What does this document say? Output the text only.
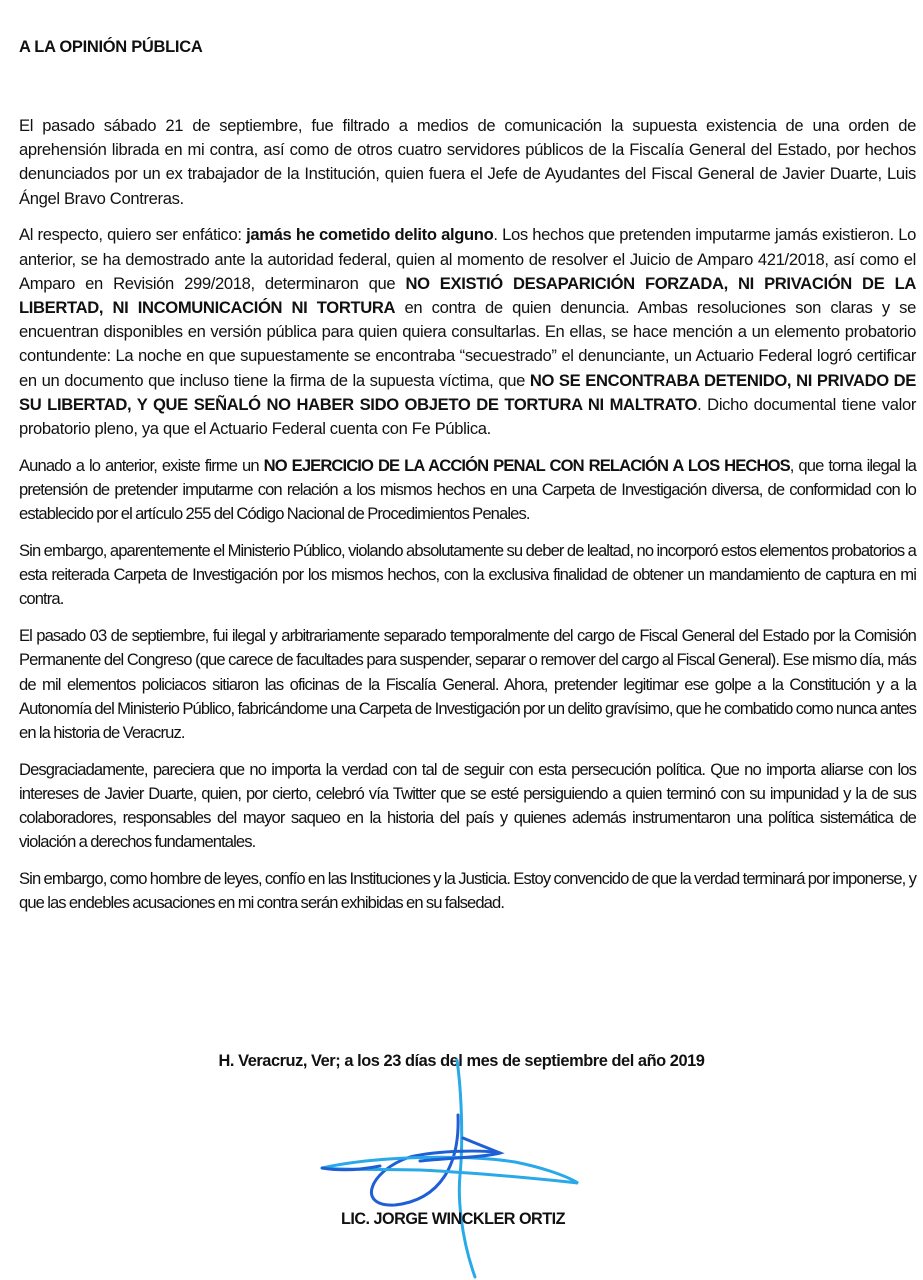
A LA OPINIÓN PÚBLICA

El pasado sábado 21 de septiembre, fue filtrado a medios de comunicación la supuesta existencia de una orden de aprehensión librada en mi contra, así como de otros cuatro servidores públicos de la Fiscalía General del Estado, por hechos denunciados por un ex trabajador de la Institución, quien fuera el Jefe de Ayudantes del Fiscal General de Javier Duarte, Luis Ángel Bravo Contreras.

Al respecto, quiero ser enfático: jamás he cometido delito alguno. Los hechos que pretenden imputarme jamás existieron. Lo anterior, se ha demostrado ante la autoridad federal, quien al momento de resolver el Juicio de Amparo 421/2018, así como el Amparo en Revisión 299/2018, determinaron que NO EXISTIÓ DESAPARICIÓN FORZADA, NI PRIVACIÓN DE LA LIBERTAD, NI INCOMUNICACIÓN NI TORTURA en contra de quien denuncia. Ambas resoluciones son claras y se encuentran disponibles en versión pública para quien quiera consultarlas. En ellas, se hace mención a un elemento probatorio contundente: La noche en que supuestamente se encontraba “secuestrado” el denunciante, un Actuario Federal logró certificar en un documento que incluso tiene la firma de la supuesta víctima, que NO SE ENCONTRABA DETENIDO, NI PRIVADO DE SU LIBERTAD, Y QUE SEÑALÓ NO HABER SIDO OBJETO DE TORTURA NI MALTRATO. Dicho documental tiene valor probatorio pleno, ya que el Actuario Federal cuenta con Fe Pública.

Aunado a lo anterior, existe firme un NO EJERCICIO DE LA ACCIÓN PENAL CON RELACIÓN A LOS HECHOS, que torna ilegal la pretensión de pretender imputarme con relación a los mismos hechos en una Carpeta de Investigación diversa, de conformidad con lo establecido por el artículo 255 del Código Nacional de Procedimientos Penales.

Sin embargo, aparentemente el Ministerio Público, violando absolutamente su deber de lealtad, no incorporó estos elementos probatorios a esta reiterada Carpeta de Investigación por los mismos hechos, con la exclusiva finalidad de obtener un mandamiento de captura en mi contra.

El pasado 03 de septiembre, fui ilegal y arbitrariamente separado temporalmente del cargo de Fiscal General del Estado por la Comisión Permanente del Congreso (que carece de facultades para suspender, separar o remover del cargo al Fiscal General). Ese mismo día, más de mil elementos policiacos sitiaron las oficinas de la Fiscalía General. Ahora, pretender legitimar ese golpe a la Constitución y a la Autonomía del Ministerio Público, fabricándome una Carpeta de Investigación por un delito gravísimo, que he combatido como nunca antes en la historia de Veracruz.

Desgraciadamente, pareciera que no importa la verdad con tal de seguir con esta persecución política. Que no importa aliarse con los intereses de Javier Duarte, quien, por cierto, celebró vía Twitter que se esté persiguiendo a quien terminó con su impunidad y la de sus colaboradores, responsables del mayor saqueo en la historia del país y quienes además instrumentaron una política sistemática de violación a derechos fundamentales.

Sin embargo, como hombre de leyes, confío en las Instituciones y la Justicia. Estoy convencido de que la verdad terminará por imponerse, y que las endebles acusaciones en mi contra serán exhibidas en su falsedad.

H. Veracruz, Ver; a los 23 días del mes de septiembre del año 2019
LIC. JORGE WINCKLER ORTIZ
